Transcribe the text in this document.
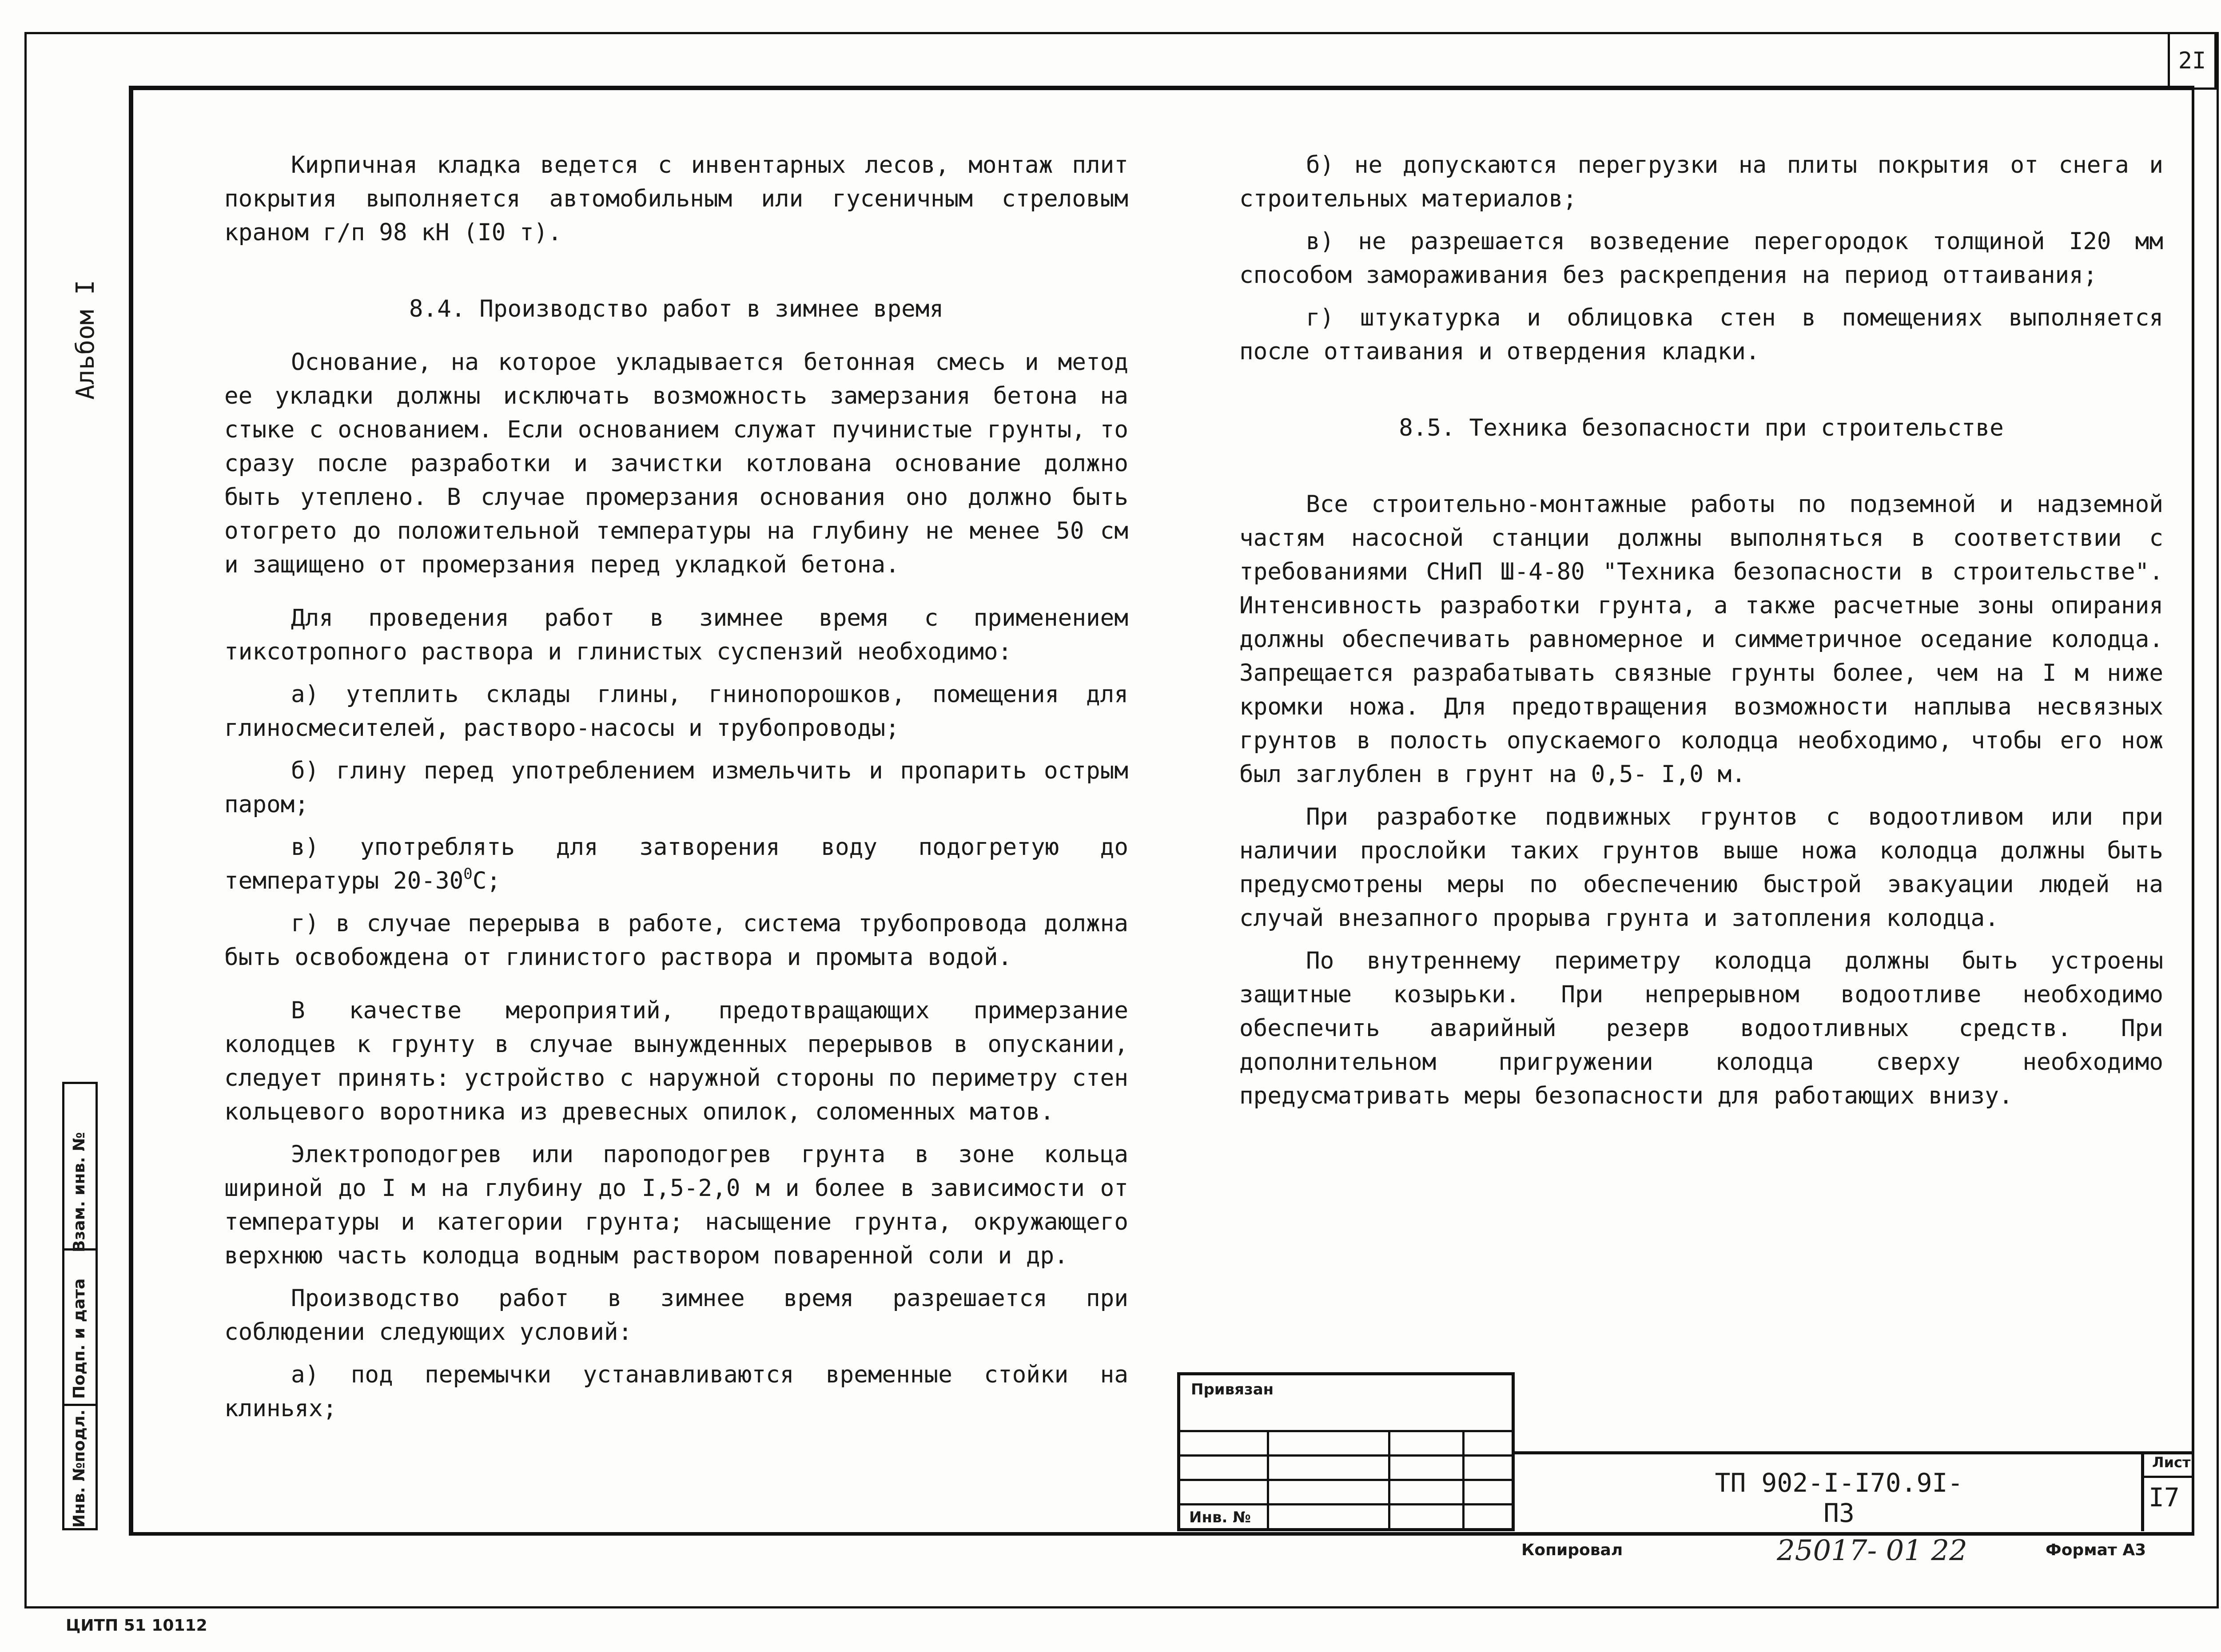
2I
Альбом I
Взам. инв. №
Подп. и дата
Инв. №подл.

Кирпичная кладка ведется с инвентарных лесов, монтаж плит покрытия выполняется автомобильным или гусеничным стреловым краном г/п 98 кН (I0 т).

8.4. Производство работ в зимнее время

Основание, на которое укладывается бетонная смесь и метод ее укладки должны исключать возможность замерзания бетона на стыке с основанием. Если основанием служат пучинистые грунты, то сразу после разработки и зачистки котлована основание должно быть утеплено. В случае промерзания основания оно должно быть отогрето до положительной температуры на глубину не менее 50 см и защищено от промерзания перед укладкой бетона.

Для проведения работ в зимнее время с применением тиксотропного раствора и глинистых суспензий необходимо:

а) утеплить склады глины, гнинопорошков, помещения для глиносмесителей, растворо-насосы и трубопроводы;

б) глину перед употреблением измельчить и пропарить острым паром;

в) употреблять для затворения воду подогретую до температуры $20-30^0С$;

г) в случае перерыва в работе, система трубопровода должна быть освобождена от глинистого раствора и промыта водой.

В качестве мероприятий, предотвращающих примерзание колодцев к грунту в случае вынужденных перерывов в опускании, следует принять: устройство с наружной стороны по периметру стен кольцевого воротника из древесных опилок, соломенных матов.

Электроподогрев или пароподогрев грунта в зоне кольца шириной до I м на глубину до I,5-2,0 м и более в зависимости от температуры и категории грунта; насыщение грунта, окружающего верхнюю часть колодца водным раствором поваренной соли и др.

Производство работ в зимнее время разрешается при соблюдении следующих условий:

а) под перемычки устанавливаются временные стойки на клиньях;

б) не допускаются перегрузки на плиты покрытия от снега и строительных материалов;

в) не разрешается возведение перегородок толщиной I20 мм способом замораживания без раскрепдения на период оттаивания;

г) штукатурка и облицовка стен в помещениях выполняется после оттаивания и отвердения кладки.

8.5. Техника безопасности при строительстве

Все строительно-монтажные работы по подземной и надземной частям насосной станции должны выполняться в соответствии с требованиями СНиП Ш-4-80 "Техника безопасности в строительстве". Интенсивность разработки грунта, а также расчетные зоны опирания должны обеспечивать равномерное и симметричное оседание колодца. Запрещается разрабатывать связные грунты более, чем на I м ниже кромки ножа. Для предотвращения возможности наплыва несвязных грунтов в полость опускаемого колодца необходимо, чтобы его нож был заглублен в грунт на 0,5- I,0 м.

При разработке подвижных грунтов с водоотливом или при наличии прослойки таких грунтов выше ножа колодца должны быть предусмотрены меры по обеспечению быстрой эвакуации людей на случай внезапного прорыва грунта и затопления колодца.

По внутреннему периметру колодца должны быть устроены защитные козырьки. При непрерывном водоотливе необходимо обеспечить аварийный резерв водоотливных средств. При дополнительном пригружении колодца сверху необходимо предусматривать меры безопасности для работающих внизу.

Привязан
Инв. №
ТП 902-I-I70.9I-ПЗ
Лист
I7
Копировал	25017- 01 22	Формат А3
ЦИТП 51 10112
